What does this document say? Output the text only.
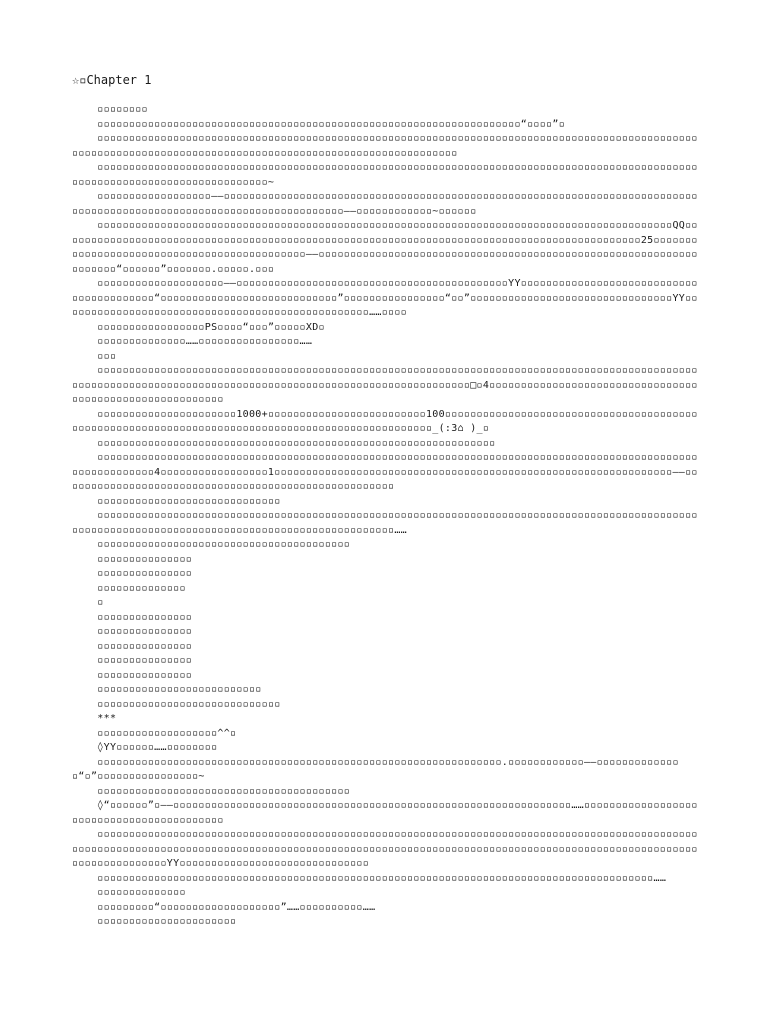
☆▫Chapter 1

▫▫▫▫▫▫▫▫

▫▫▫▫▫▫▫▫▫▫▫▫▫▫▫▫▫▫▫▫▫▫▫▫▫▫▫▫▫▫▫▫▫▫▫▫▫▫▫▫▫▫▫▫▫▫▫▫▫▫▫▫▫▫▫▫▫▫▫▫▫▫▫▫▫▫▫“▫▫▫▫”▫

▫▫▫▫▫▫▫▫▫▫▫▫▫▫▫▫▫▫▫▫▫▫▫▫▫▫▫▫▫▫▫▫▫▫▫▫▫▫▫▫▫▫▫▫▫▫▫▫▫▫▫▫▫▫▫▫▫▫▫▫▫▫▫▫▫▫▫▫▫▫▫▫▫▫▫▫▫▫▫▫▫▫▫▫▫▫▫▫▫▫▫▫▫▫▫▫▫▫▫▫▫▫▫▫▫▫▫▫▫▫▫▫▫▫▫▫▫▫▫▫▫▫▫▫▫▫▫▫▫▫▫▫▫▫▫▫▫▫▫▫▫▫▫▫▫▫▫▫▫▫▫▫▫▫▫▫

▫▫▫▫▫▫▫▫▫▫▫▫▫▫▫▫▫▫▫▫▫▫▫▫▫▫▫▫▫▫▫▫▫▫▫▫▫▫▫▫▫▫▫▫▫▫▫▫▫▫▫▫▫▫▫▫▫▫▫▫▫▫▫▫▫▫▫▫▫▫▫▫▫▫▫▫▫▫▫▫▫▫▫▫▫▫▫▫▫▫▫▫▫▫▫▫▫▫▫▫▫▫▫▫▫▫▫▫▫▫▫▫▫▫▫▫▫▫▫▫▫▫▫▫▫▫~

▫▫▫▫▫▫▫▫▫▫▫▫▫▫▫▫▫▫——▫▫▫▫▫▫▫▫▫▫▫▫▫▫▫▫▫▫▫▫▫▫▫▫▫▫▫▫▫▫▫▫▫▫▫▫▫▫▫▫▫▫▫▫▫▫▫▫▫▫▫▫▫▫▫▫▫▫▫▫▫▫▫▫▫▫▫▫▫▫▫▫▫▫▫▫▫▫▫▫▫▫▫▫▫▫▫▫▫▫▫▫▫▫▫▫▫▫▫▫▫▫▫▫▫▫▫▫▫▫▫▫▫▫▫▫▫▫——▫▫▫▫▫▫▫▫▫▫▫▫~▫▫▫▫▫▫

▫▫▫▫▫▫▫▫▫▫▫▫▫▫▫▫▫▫▫▫▫▫▫▫▫▫▫▫▫▫▫▫▫▫▫▫▫▫▫▫▫▫▫▫▫▫▫▫▫▫▫▫▫▫▫▫▫▫▫▫▫▫▫▫▫▫▫▫▫▫▫▫▫▫▫▫▫▫▫▫▫▫▫▫▫▫▫▫▫▫▫QQ▫▫▫▫▫▫▫▫▫▫▫▫▫▫▫▫▫▫▫▫▫▫▫▫▫▫▫▫▫▫▫▫▫▫▫▫▫▫▫▫▫▫▫▫▫▫▫▫▫▫▫▫▫▫▫▫▫▫▫▫▫▫▫▫▫▫▫▫▫▫▫▫▫▫▫▫▫▫▫▫▫▫▫▫▫▫▫▫▫▫▫▫25▫▫▫▫▫▫▫▫▫▫▫▫▫▫▫▫▫▫▫▫▫▫▫▫▫▫▫▫▫▫▫▫▫▫▫▫▫▫▫▫▫▫▫▫——▫▫▫▫▫▫▫▫▫▫▫▫▫▫▫▫▫▫▫▫▫▫▫▫▫▫▫▫▫▫▫▫▫▫▫▫▫▫▫▫▫▫▫▫▫▫▫▫▫▫▫▫▫▫▫▫▫▫▫▫▫▫▫▫▫▫▫“▫▫▫▫▫▫”▫▫▫▫▫▫▫.▫▫▫▫▫.▫▫▫

▫▫▫▫▫▫▫▫▫▫▫▫▫▫▫▫▫▫▫▫——▫▫▫▫▫▫▫▫▫▫▫▫▫▫▫▫▫▫▫▫▫▫▫▫▫▫▫▫▫▫▫▫▫▫▫▫▫▫▫▫▫▫▫YY▫▫▫▫▫▫▫▫▫▫▫▫▫▫▫▫▫▫▫▫▫▫▫▫▫▫▫▫▫▫▫▫▫▫▫▫▫▫▫▫▫“▫▫▫▫▫▫▫▫▫▫▫▫▫▫▫▫▫▫▫▫▫▫▫▫▫▫▫▫”▫▫▫▫▫▫▫▫▫▫▫▫▫▫▫▫“▫▫”▫▫▫▫▫▫▫▫▫▫▫▫▫▫▫▫▫▫▫▫▫▫▫▫▫▫▫▫▫▫▫▫YY▫▫▫▫▫▫▫▫▫▫▫▫▫▫▫▫▫▫▫▫▫▫▫▫▫▫▫▫▫▫▫▫▫▫▫▫▫▫▫▫▫▫▫▫▫▫▫▫▫……▫▫▫▫

▫▫▫▫▫▫▫▫▫▫▫▫▫▫▫▫▫PS▫▫▫▫“▫▫▫”▫▫▫▫▫XD▫

▫▫▫▫▫▫▫▫▫▫▫▫▫▫……▫▫▫▫▫▫▫▫▫▫▫▫▫▫▫▫……

▫▫▫

▫▫▫▫▫▫▫▫▫▫▫▫▫▫▫▫▫▫▫▫▫▫▫▫▫▫▫▫▫▫▫▫▫▫▫▫▫▫▫▫▫▫▫▫▫▫▫▫▫▫▫▫▫▫▫▫▫▫▫▫▫▫▫▫▫▫▫▫▫▫▫▫▫▫▫▫▫▫▫▫▫▫▫▫▫▫▫▫▫▫▫▫▫▫▫▫▫▫▫▫▫▫▫▫▫▫▫▫▫▫▫▫▫▫▫▫▫▫▫▫▫▫▫▫▫▫▫▫▫▫▫▫▫▫▫▫▫▫▫▫▫▫▫▫▫▫▫▫▫▫▫▫▫▫▫▫▫▫□▫4▫▫▫▫▫▫▫▫▫▫▫▫▫▫▫▫▫▫▫▫▫▫▫▫▫▫▫▫▫▫▫▫▫▫▫▫▫▫▫▫▫▫▫▫▫▫▫▫▫▫▫▫▫▫▫▫▫

▫▫▫▫▫▫▫▫▫▫▫▫▫▫▫▫▫▫▫▫▫▫1000+▫▫▫▫▫▫▫▫▫▫▫▫▫▫▫▫▫▫▫▫▫▫▫▫▫100▫▫▫▫▫▫▫▫▫▫▫▫▫▫▫▫▫▫▫▫▫▫▫▫▫▫▫▫▫▫▫▫▫▫▫▫▫▫▫▫▫▫▫▫▫▫▫▫▫▫▫▫▫▫▫▫▫▫▫▫▫▫▫▫▫▫▫▫▫▫▫▫▫▫▫▫▫▫▫▫▫▫▫▫▫▫▫▫▫▫▫▫▫▫▫▫▫_(:3⌂ )_▫

▫▫▫▫▫▫▫▫▫▫▫▫▫▫▫▫▫▫▫▫▫▫▫▫▫▫▫▫▫▫▫▫▫▫▫▫▫▫▫▫▫▫▫▫▫▫▫▫▫▫▫▫▫▫▫▫▫▫▫▫▫▫▫

▫▫▫▫▫▫▫▫▫▫▫▫▫▫▫▫▫▫▫▫▫▫▫▫▫▫▫▫▫▫▫▫▫▫▫▫▫▫▫▫▫▫▫▫▫▫▫▫▫▫▫▫▫▫▫▫▫▫▫▫▫▫▫▫▫▫▫▫▫▫▫▫▫▫▫▫▫▫▫▫▫▫▫▫▫▫▫▫▫▫▫▫▫▫▫▫▫▫▫▫▫▫▫▫▫▫▫▫4▫▫▫▫▫▫▫▫▫▫▫▫▫▫▫▫▫1▫▫▫▫▫▫▫▫▫▫▫▫▫▫▫▫▫▫▫▫▫▫▫▫▫▫▫▫▫▫▫▫▫▫▫▫▫▫▫▫▫▫▫▫▫▫▫▫▫▫▫▫▫▫▫▫▫▫▫▫▫▫▫——▫▫▫▫▫▫▫▫▫▫▫▫▫▫▫▫▫▫▫▫▫▫▫▫▫▫▫▫▫▫▫▫▫▫▫▫▫▫▫▫▫▫▫▫▫▫▫▫▫▫▫▫▫

▫▫▫▫▫▫▫▫▫▫▫▫▫▫▫▫▫▫▫▫▫▫▫▫▫▫▫▫▫

▫▫▫▫▫▫▫▫▫▫▫▫▫▫▫▫▫▫▫▫▫▫▫▫▫▫▫▫▫▫▫▫▫▫▫▫▫▫▫▫▫▫▫▫▫▫▫▫▫▫▫▫▫▫▫▫▫▫▫▫▫▫▫▫▫▫▫▫▫▫▫▫▫▫▫▫▫▫▫▫▫▫▫▫▫▫▫▫▫▫▫▫▫▫▫▫▫▫▫▫▫▫▫▫▫▫▫▫▫▫▫▫▫▫▫▫▫▫▫▫▫▫▫▫▫▫▫▫▫▫▫▫▫▫▫▫▫▫▫▫▫▫▫▫▫▫……

▫▫▫▫▫▫▫▫▫▫▫▫▫▫▫▫▫▫▫▫▫▫▫▫▫▫▫▫▫▫▫▫▫▫▫▫▫▫▫▫

▫▫▫▫▫▫▫▫▫▫▫▫▫▫▫

▫▫▫▫▫▫▫▫▫▫▫▫▫▫▫

▫▫▫▫▫▫▫▫▫▫▫▫▫▫

▫

▫▫▫▫▫▫▫▫▫▫▫▫▫▫▫

▫▫▫▫▫▫▫▫▫▫▫▫▫▫▫

▫▫▫▫▫▫▫▫▫▫▫▫▫▫▫

▫▫▫▫▫▫▫▫▫▫▫▫▫▫▫

▫▫▫▫▫▫▫▫▫▫▫▫▫▫▫

▫▫▫▫▫▫▫▫▫▫▫▫▫▫▫▫▫▫▫▫▫▫▫▫▫▫

▫▫▫▫▫▫▫▫▫▫▫▫▫▫▫▫▫▫▫▫▫▫▫▫▫▫▫▫▫

***

▫▫▫▫▫▫▫▫▫▫▫▫▫▫▫▫▫▫▫^^▫

◊YY▫▫▫▫▫▫……▫▫▫▫▫▫▫▫

▫▫▫▫▫▫▫▫▫▫▫▫▫▫▫▫▫▫▫▫▫▫▫▫▫▫▫▫▫▫▫▫▫▫▫▫▫▫▫▫▫▫▫▫▫▫▫▫▫▫▫▫▫▫▫▫▫▫▫▫▫▫▫▫.▫▫▫▫▫▫▫▫▫▫▫▫——▫▫▫▫▫▫▫▫▫▫▫▫▫▫“▫”▫▫▫▫▫▫▫▫▫▫▫▫▫▫▫▫~

▫▫▫▫▫▫▫▫▫▫▫▫▫▫▫▫▫▫▫▫▫▫▫▫▫▫▫▫▫▫▫▫▫▫▫▫▫▫▫▫

◊“▫▫▫▫▫▫”▫——▫▫▫▫▫▫▫▫▫▫▫▫▫▫▫▫▫▫▫▫▫▫▫▫▫▫▫▫▫▫▫▫▫▫▫▫▫▫▫▫▫▫▫▫▫▫▫▫▫▫▫▫▫▫▫▫▫▫▫▫▫▫▫……▫▫▫▫▫▫▫▫▫▫▫▫▫▫▫▫▫▫▫▫▫▫▫▫▫▫▫▫▫▫▫▫▫▫▫▫▫▫▫▫▫▫

▫▫▫▫▫▫▫▫▫▫▫▫▫▫▫▫▫▫▫▫▫▫▫▫▫▫▫▫▫▫▫▫▫▫▫▫▫▫▫▫▫▫▫▫▫▫▫▫▫▫▫▫▫▫▫▫▫▫▫▫▫▫▫▫▫▫▫▫▫▫▫▫▫▫▫▫▫▫▫▫▫▫▫▫▫▫▫▫▫▫▫▫▫▫▫▫▫▫▫▫▫▫▫▫▫▫▫▫▫▫▫▫▫▫▫▫▫▫▫▫▫▫▫▫▫▫▫▫▫▫▫▫▫▫▫▫▫▫▫▫▫▫▫▫▫▫▫▫▫▫▫▫▫▫▫▫▫▫▫▫▫▫▫▫▫▫▫▫▫▫▫▫▫▫▫▫▫▫▫▫▫▫▫▫▫▫▫▫▫▫▫▫▫▫▫▫▫▫▫▫▫▫▫▫▫▫▫▫▫YY▫▫▫▫▫▫▫▫▫▫▫▫▫▫▫▫▫▫▫▫▫▫▫▫▫▫▫▫▫▫

▫▫▫▫▫▫▫▫▫▫▫▫▫▫▫▫▫▫▫▫▫▫▫▫▫▫▫▫▫▫▫▫▫▫▫▫▫▫▫▫▫▫▫▫▫▫▫▫▫▫▫▫▫▫▫▫▫▫▫▫▫▫▫▫▫▫▫▫▫▫▫▫▫▫▫▫▫▫▫▫▫▫▫▫▫▫▫▫……

▫▫▫▫▫▫▫▫▫▫▫▫▫▫

▫▫▫▫▫▫▫▫▫“▫▫▫▫▫▫▫▫▫▫▫▫▫▫▫▫▫▫▫”……▫▫▫▫▫▫▫▫▫▫……

▫▫▫▫▫▫▫▫▫▫▫▫▫▫▫▫▫▫▫▫▫▫
